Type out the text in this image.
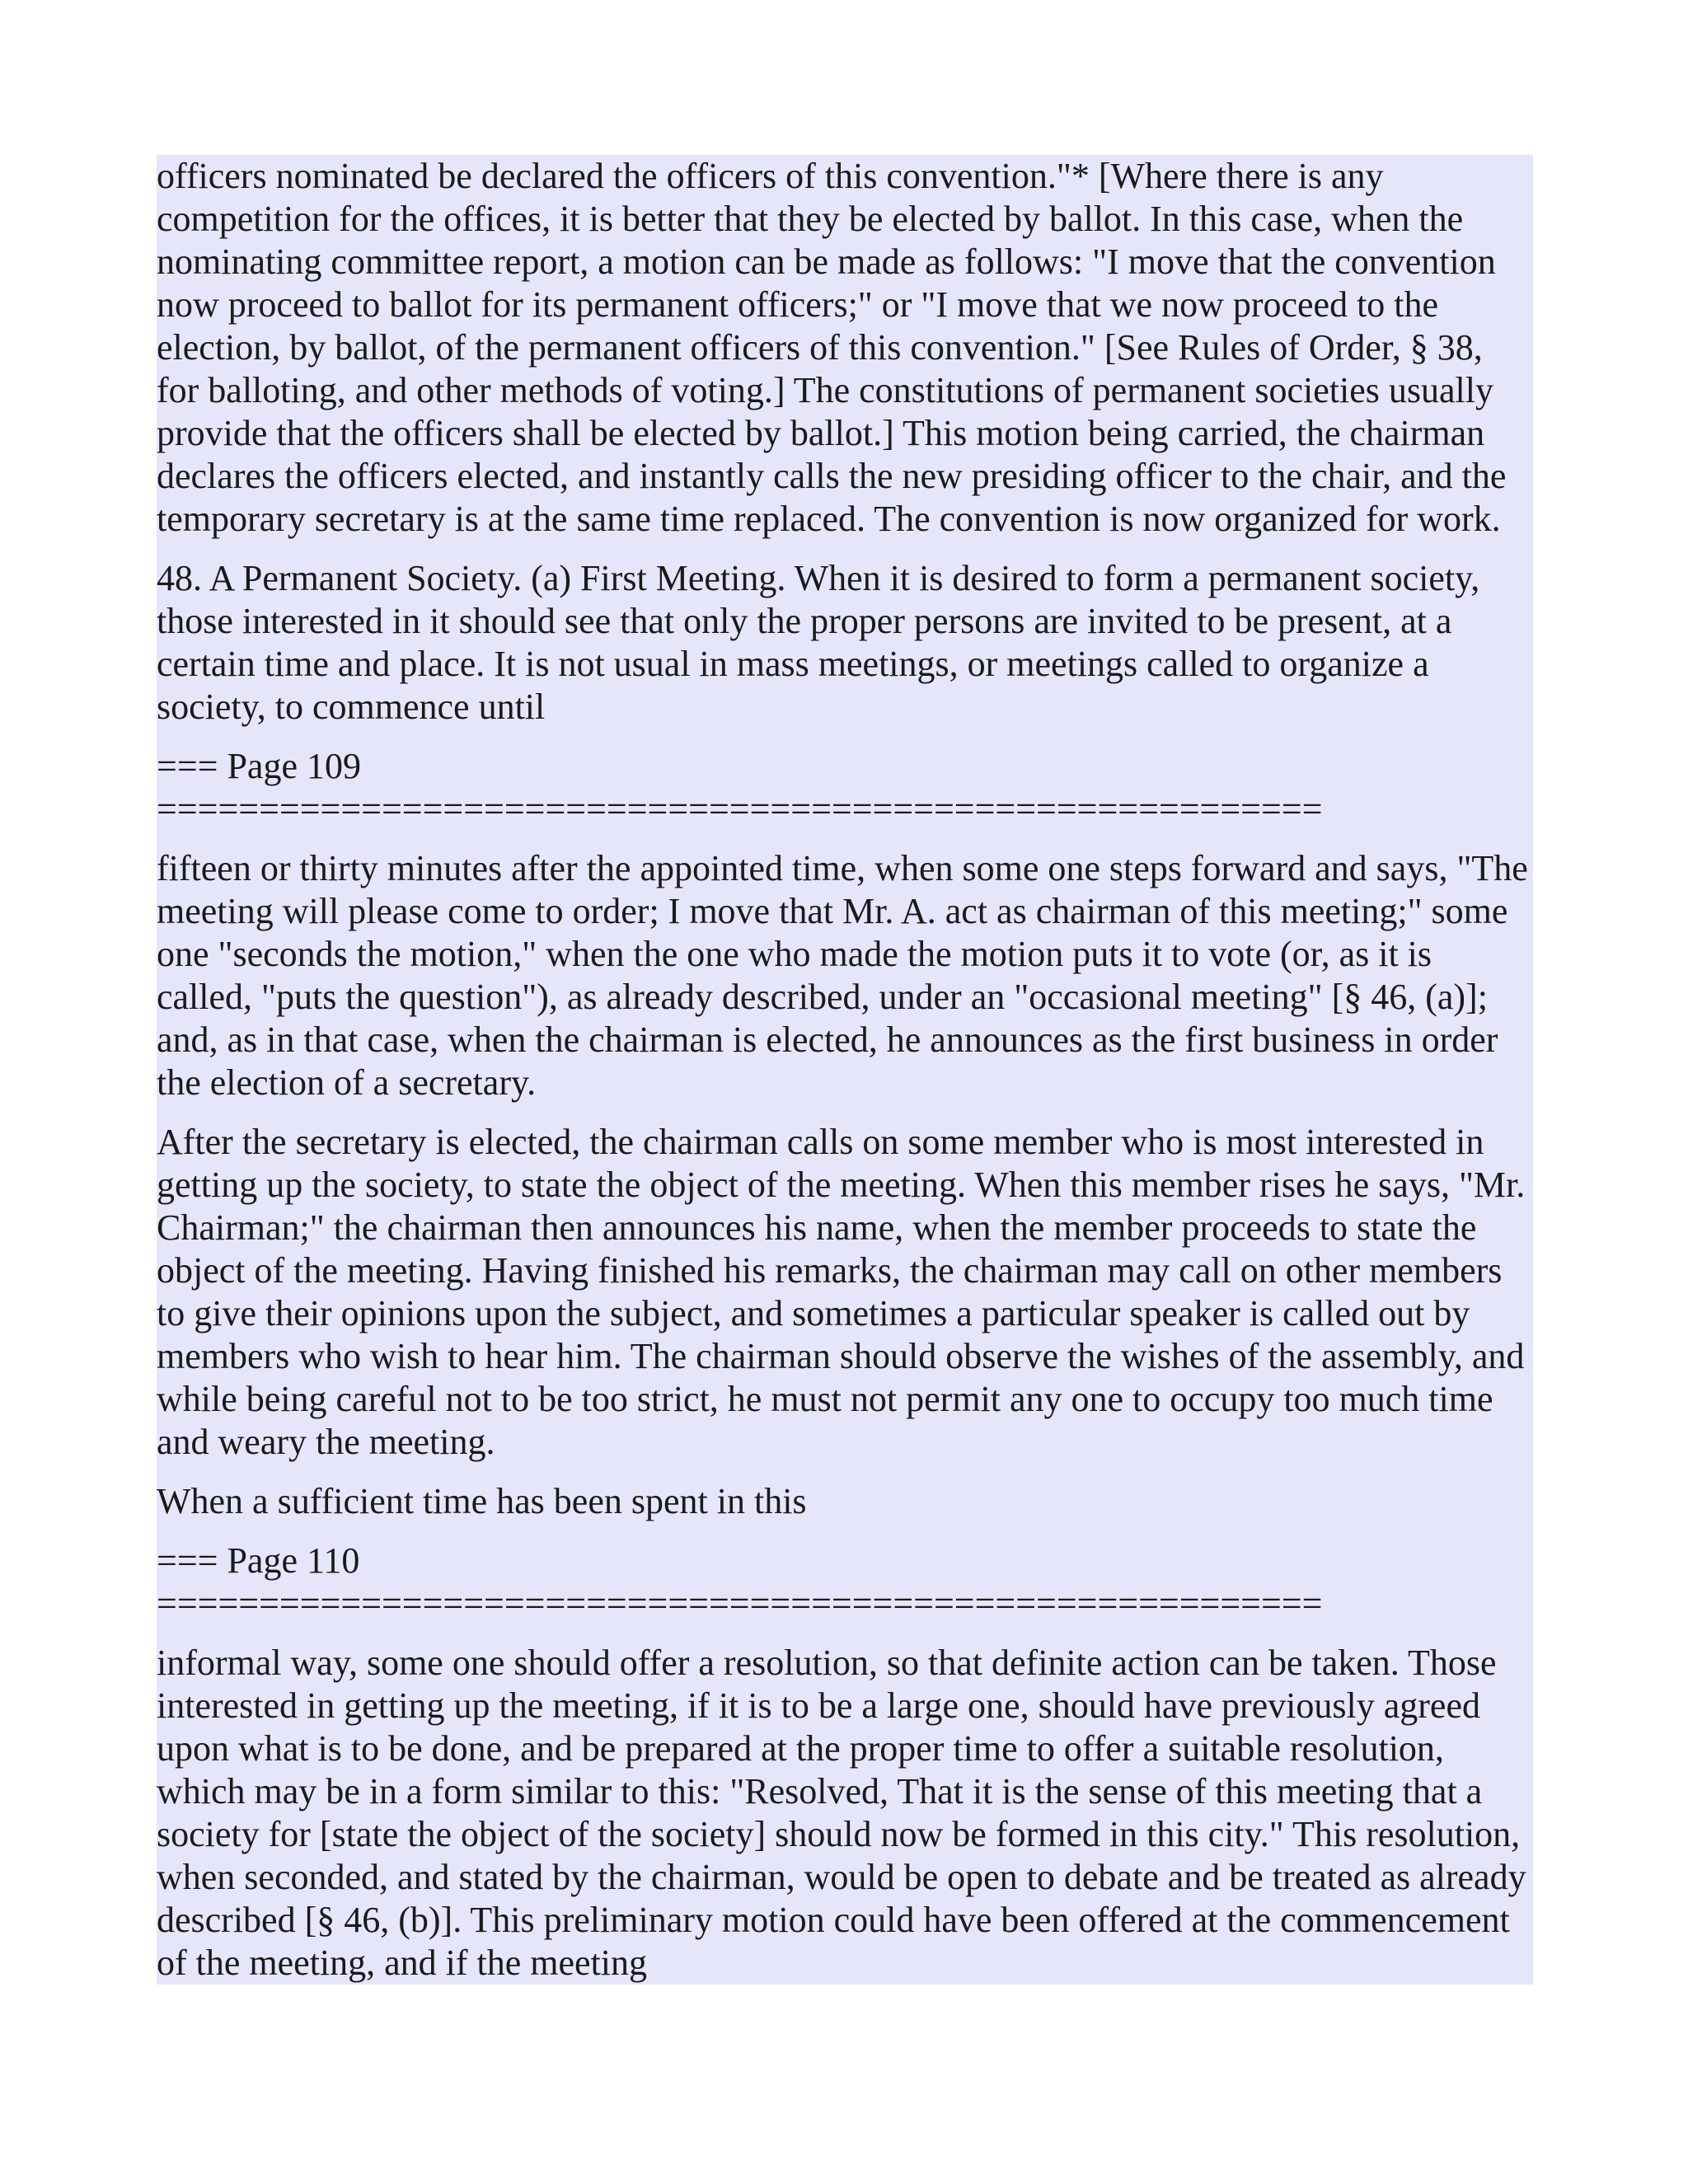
officers nominated be declared the officers of this convention."* [Where there is any competition for the offices, it is better that they be elected by ballot. In this case, when the nominating committee report, a motion can be made as follows: "I move that the convention now proceed to ballot for its permanent officers;" or "I move that we now proceed to the election, by ballot, of the permanent officers of this convention." [See Rules of Order, § 38, for balloting, and other methods of voting.] The constitutions of permanent societies usually provide that the officers shall be elected by ballot.] This motion being carried, the chairman declares the officers elected, and instantly calls the new presiding officer to the chair, and the temporary secretary is at the same time replaced. The convention is now organized for work.

48. A Permanent Society. (a) First Meeting. When it is desired to form a permanent society, those interested in it should see that only the proper persons are invited to be present, at a certain time and place. It is not usual in mass meetings, or meetings called to organize a society, to commence until

=== Page 109
=========================================================

fifteen or thirty minutes after the appointed time, when some one steps forward and says, "The meeting will please come to order; I move that Mr. A. act as chairman of this meeting;" some one "seconds the motion," when the one who made the motion puts it to vote (or, as it is called, "puts the question"), as already described, under an "occasional meeting" [§ 46, (a)]; and, as in that case, when the chairman is elected, he announces as the first business in order the election of a secretary.

After the secretary is elected, the chairman calls on some member who is most interested in getting up the society, to state the object of the meeting. When this member rises he says, "Mr. Chairman;" the chairman then announces his name, when the member proceeds to state the object of the meeting. Having finished his remarks, the chairman may call on other members to give their opinions upon the subject, and sometimes a particular speaker is called out by members who wish to hear him. The chairman should observe the wishes of the assembly, and while being careful not to be too strict, he must not permit any one to occupy too much time and weary the meeting.

When a sufficient time has been spent in this

=== Page 110
=========================================================

informal way, some one should offer a resolution, so that definite action can be taken. Those interested in getting up the meeting, if it is to be a large one, should have previously agreed upon what is to be done, and be prepared at the proper time to offer a suitable resolution, which may be in a form similar to this: "Resolved, That it is the sense of this meeting that a society for [state the object of the society] should now be formed in this city." This resolution, when seconded, and stated by the chairman, would be open to debate and be treated as already described [§ 46, (b)]. This preliminary motion could have been offered at the commencement of the meeting, and if the meeting
